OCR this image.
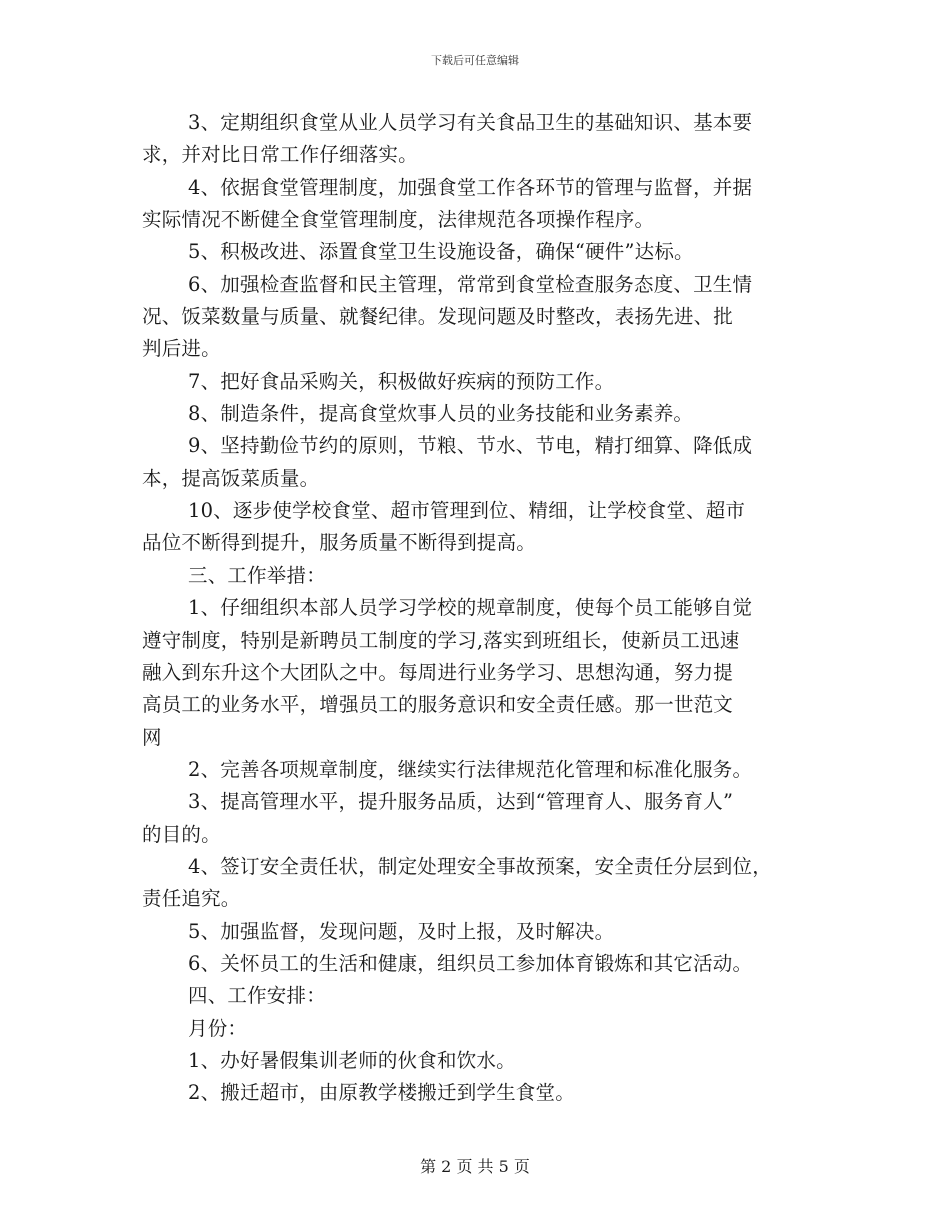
下载后可任意编辑
3、定期组织食堂从业人员学习有关食品卫生的基础知识、基本要
求，并对比日常工作仔细落实。
4、依据食堂管理制度，加强食堂工作各环节的管理与监督，并据
实际情况不断健全食堂管理制度，法律规范各项操作程序。
5、积极改进、添置食堂卫生设施设备，确保“硬件”达标。
6、加强检查监督和民主管理，常常到食堂检查服务态度、卫生情
况、饭菜数量与质量、就餐纪律。发现问题及时整改，表扬先进、批
判后进。
7、把好食品采购关，积极做好疾病的预防工作。
8、制造条件，提高食堂炊事人员的业务技能和业务素养。
9、坚持勤俭节约的原则，节粮、节水、节电，精打细算、降低成
本，提高饭菜质量。
10、逐步使学校食堂、超市管理到位、精细，让学校食堂、超市
品位不断得到提升，服务质量不断得到提高。
三、工作举措：
1、仔细组织本部人员学习学校的规章制度，使每个员工能够自觉
遵守制度，特别是新聘员工制度的学习,落实到班组长，使新员工迅速
融入到东升这个大团队之中。每周进行业务学习、思想沟通，努力提
高员工的业务水平，增强员工的服务意识和安全责任感。那一世范文
网
2、完善各项规章制度，继续实行法律规范化管理和标准化服务。
3、提高管理水平，提升服务品质，达到“管理育人、服务育人”
的目的。
4、签订安全责任状，制定处理安全事故预案，安全责任分层到位，
责任追究。
5、加强监督，发现问题，及时上报，及时解决。
6、关怀员工的生活和健康，组织员工参加体育锻炼和其它活动。
四、工作安排：
月份：
1、办好暑假集训老师的伙食和饮水。
2、搬迁超市，由原教学楼搬迁到学生食堂。
第 2 页 共 5 页
